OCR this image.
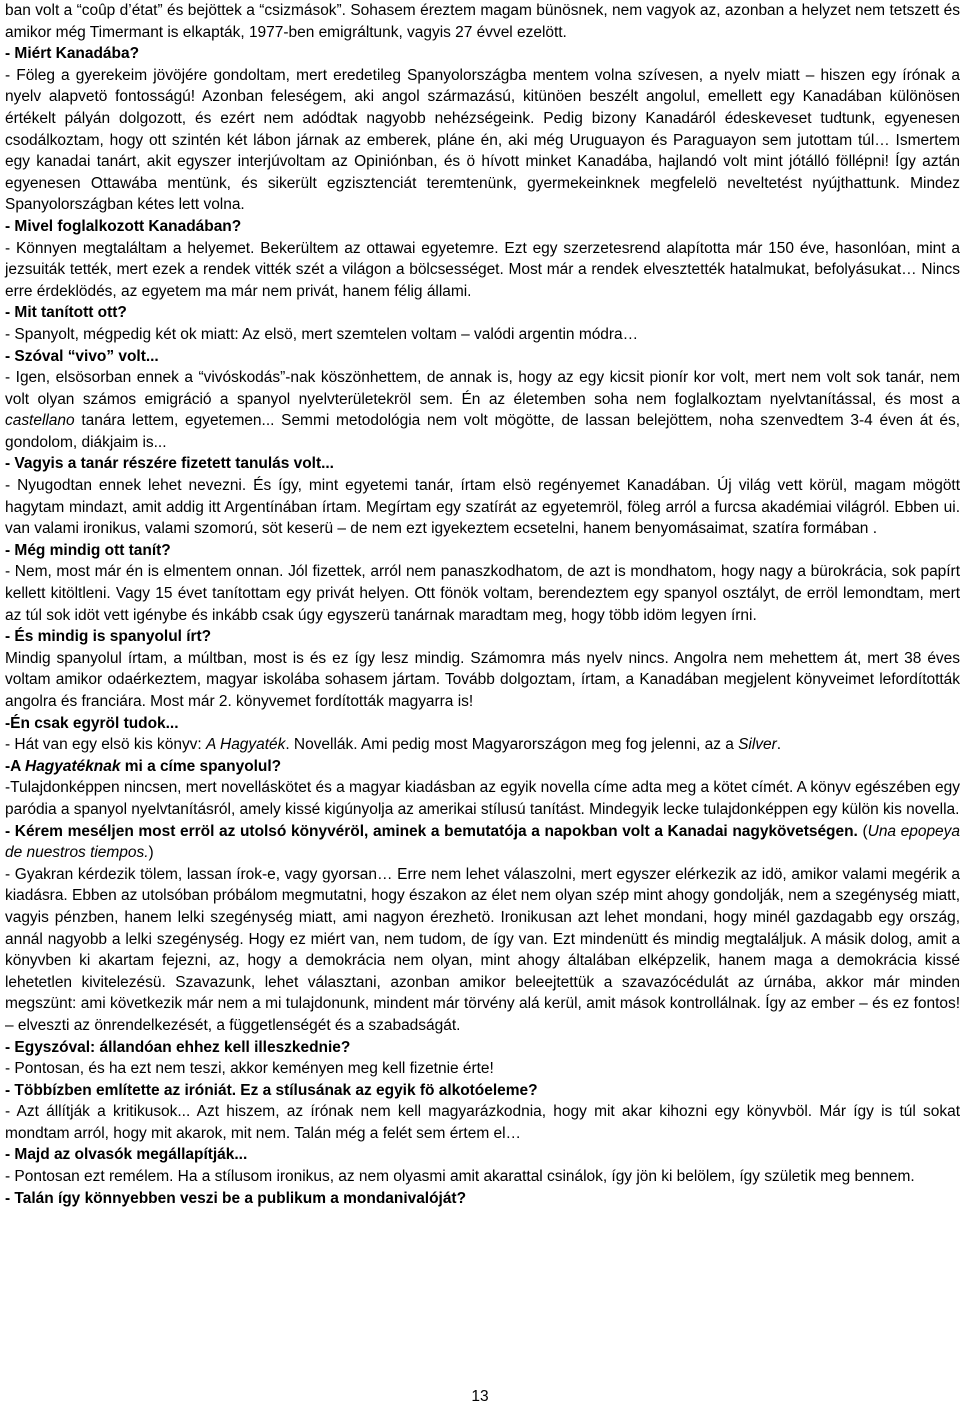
ban volt a “coûp d’état” és bejöttek a “csizmások”. Sohasem éreztem magam bünösnek, nem vagyok az, azonban a helyzet nem tetszett és amikor még Timermant is elkapták, 1977-ben emigráltunk, vagyis 27 évvel ezelött.

- Miért Kanadába?

- Föleg a gyerekeim jövöjére gondoltam, mert eredetileg Spanyolországba mentem volna szívesen, a nyelv miatt – hiszen egy írónak a nyelv alapvetö fontosságú! Azonban feleségem, aki angol származású, kitünöen beszélt angolul, emellett egy Kanadában különösen értékelt pályán dolgozott, és ezért nem adódtak nagyobb nehézségeink. Pedig bizony Kanadáról édeskeveset tudtunk, egyenesen csodálkoztam, hogy ott szintén két lábon járnak az emberek, pláne én, aki még Uruguayon és Paraguayon sem jutottam túl… Ismertem egy kanadai tanárt, akit egyszer interjúvoltam az Opiniónban, és ö hívott minket Kanadába, hajlandó volt mint jótálló föllépni! Így aztán egyenesen Ottawába mentünk, és sikerült egzisztenciát teremtenünk, gyermekeinknek megfelelö neveltetést nyújthattunk. Mindez Spanyolországban kétes lett volna.

- Mivel foglalkozott Kanadában?

- Könnyen megtaláltam a helyemet. Bekerültem az ottawai egyetemre. Ezt egy szerzetesrend alapította már 150 éve, hasonlóan, mint a jezsuiták tették, mert ezek a rendek vitték szét a világon a bölcsességet. Most már a rendek elvesztették hatalmukat, befolyásukat… Nincs erre érdeklödés, az egyetem ma már nem privát, hanem félig állami.

- Mit tanított ott?

- Spanyolt, mégpedig két ok miatt: Az elsö, mert szemtelen voltam – valódi argentin módra…

- Szóval “vivo” volt...

- Igen, elsösorban ennek a “vivóskodás”-nak köszönhettem, de annak is, hogy az egy kicsit pionír kor volt, mert nem volt sok tanár, nem volt olyan számos emigráció a spanyol nyelvterületekröl sem. Én az életemben soha nem foglalkoztam nyelvtanítással, és most a castellano tanára lettem, egyetemen... Semmi metodológia nem volt mögötte, de lassan belejöttem, noha szenvedtem 3-4 éven át és, gondolom, diákjaim is...

- Vagyis a tanár részére fizetett tanulás volt...

- Nyugodtan ennek lehet nevezni. És így, mint egyetemi tanár, írtam elsö regényemet Kanadában. Új világ vett körül, magam mögött hagytam mindazt, amit addig itt Argentínában írtam. Megírtam egy szatírát az egyetemröl, föleg arról a furcsa akadémiai világról. Ebben ui. van valami ironikus, valami szomorú, söt keserü – de nem ezt igyekeztem ecsetelni, hanem benyomásaimat, szatíra formában .

- Még mindig ott tanít?

- Nem, most már én is elmentem onnan. Jól fizettek, arról nem panaszkodhatom, de azt is mondhatom, hogy nagy a bürokrácia, sok papírt kellett kitöltleni. Vagy 15 évet tanítottam egy privát helyen. Ott fönök voltam, berendeztem egy spanyol osztályt, de erröl lemondtam, mert az túl sok idöt vett igénybe és inkább csak úgy egyszerü tanárnak maradtam meg, hogy több idöm legyen írni.

- És mindig is spanyolul írt?

Mindig spanyolul írtam, a múltban, most is és ez így lesz mindig. Számomra más nyelv nincs. Angolra nem mehettem át, mert 38 éves voltam amikor odaérkeztem, magyar iskolába sohasem jártam. Tovább dolgoztam, írtam, a Kanadában megjelent könyveimet lefordították angolra és franciára. Most már 2. könyvemet fordították magyarra is!

-Én csak egyröl tudok...

- Hát van egy elsö kis könyv: A Hagyaték. Novellák. Ami pedig most Magyarországon meg fog jelenni, az a Silver.

-A Hagyatéknak mi a címe spanyolul?

-Tulajdonképpen nincsen, mert novelláskötet és a magyar kiadásban az egyik novella címe adta meg a kötet címét. A könyv egészében egy paródia a spanyol nyelvtanításról, amely kissé kigúnyolja az amerikai stílusú tanítást. Mindegyik lecke tulajdonképpen egy külön kis novella.

- Kérem meséljen most erröl az utolsó könyvéröl, aminek a bemutatója a napokban volt a Kanadai nagykövetségen. (Una epopeya de nuestros tiempos.)

- Gyakran kérdezik tölem, lassan írok-e, vagy gyorsan… Erre nem lehet válaszolni, mert egyszer elérkezik az idö, amikor valami megérik a kiadásra. Ebben az utolsóban próbálom megmutatni, hogy északon az élet nem olyan szép mint ahogy gondolják, nem a szegénység miatt, vagyis pénzben, hanem lelki szegénység miatt, ami nagyon érezhetö. Ironikusan azt lehet mondani, hogy minél gazdagabb egy ország, annál nagyobb a lelki szegénység. Hogy ez miért van, nem tudom, de így van. Ezt mindenütt és mindig megtaláljuk. A másik dolog, amit a könyvben ki akartam fejezni, az, hogy a demokrácia nem olyan, mint ahogy általában elképzelik, hanem maga a demokrácia kissé lehetetlen kivitelezésü. Szavazunk, lehet választani, azonban amikor beleejtettük a szavazócédulát az úrnába, akkor már minden megszünt: ami következik már nem a mi tulajdonunk, mindent már törvény alá kerül, amit mások kontrollálnak. Így az ember – és ez fontos! – elveszti az önrendelkezését, a függetlenségét és a szabadságát.

- Egyszóval: állandóan ehhez kell illeszkednie?

- Pontosan, és ha ezt nem teszi, akkor keményen meg kell fizetnie érte!

- Többízben említette az iróniát. Ez a stílusának az egyik fö alkotóeleme?

- Azt állítják a kritikusok... Azt hiszem, az írónak nem kell magyarázkodnia, hogy mit akar kihozni egy könyvböl. Már így is túl sokat mondtam arról, hogy mit akarok, mit nem. Talán még a felét sem értem el…

- Majd az olvasók megállapítják...

- Pontosan ezt remélem. Ha a stílusom ironikus, az nem olyasmi amit akarattal csinálok, így jön ki belölem, így születik meg bennem.

- Talán így könnyebben veszi be a publikum a mondanivalóját?

13
